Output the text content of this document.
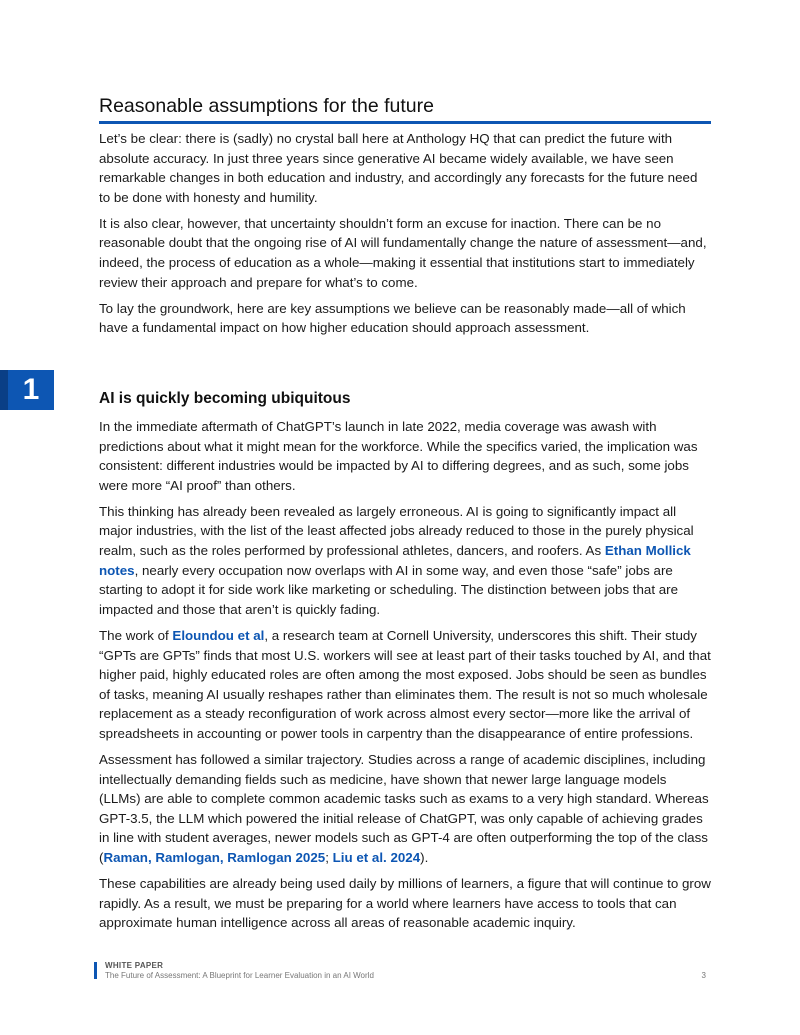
Reasonable assumptions for the future

Let’s be clear: there is (sadly) no crystal ball here at Anthology HQ that can predict the future with absolute accuracy. In just three years since generative AI became widely available, we have seen remarkable changes in both education and industry, and accordingly any forecasts for the future need to be done with honesty and humility.

It is also clear, however, that uncertainty shouldn’t form an excuse for inaction. There can be no reasonable doubt that the ongoing rise of AI will fundamentally change the nature of assessment—and, indeed, the process of education as a whole—making it essential that institutions start to immediately review their approach and prepare for what’s to come.

To lay the groundwork, here are key assumptions we believe can be reasonably made—all of which have a fundamental impact on how higher education should approach assessment.

1	AI is quickly becoming ubiquitous

In the immediate aftermath of ChatGPT’s launch in late 2022, media coverage was awash with predictions about what it might mean for the workforce. While the specifics varied, the implication was consistent: different industries would be impacted by AI to differing degrees, and as such, some jobs were more “AI proof” than others.

This thinking has already been revealed as largely erroneous. AI is going to significantly impact all major industries, with the list of the least affected jobs already reduced to those in the purely physical realm, such as the roles performed by professional athletes, dancers, and roofers. As Ethan Mollick notes, nearly every occupation now overlaps with AI in some way, and even those “safe” jobs are starting to adopt it for side work like marketing or scheduling. The distinction between jobs that are impacted and those that aren’t is quickly fading.

The work of Eloundou et al, a research team at Cornell University, underscores this shift. Their study “GPTs are GPTs” finds that most U.S. workers will see at least part of their tasks touched by AI, and that higher paid, highly educated roles are often among the most exposed. Jobs should be seen as bundles of tasks, meaning AI usually reshapes rather than eliminates them. The result is not so much wholesale replacement as a steady reconfiguration of work across almost every sector—more like the arrival of spreadsheets in accounting or power tools in carpentry than the disappearance of entire professions.

Assessment has followed a similar trajectory. Studies across a range of academic disciplines, including intellectually demanding fields such as medicine, have shown that newer large language models (LLMs) are able to complete common academic tasks such as exams to a very high standard. Whereas GPT-3.5, the LLM which powered the initial release of ChatGPT, was only capable of achieving grades in line with student averages, newer models such as GPT-4 are often outperforming the top of the class (Raman, Ramlogan, Ramlogan 2025; Liu et al. 2024).

These capabilities are already being used daily by millions of learners, a figure that will continue to grow rapidly. As a result, we must be preparing for a world where learners have access to tools that can approximate human intelligence across all areas of reasonable academic inquiry.

WHITE PAPER
The Future of Assessment: A Blueprint for Learner Evaluation in an AI World	3
